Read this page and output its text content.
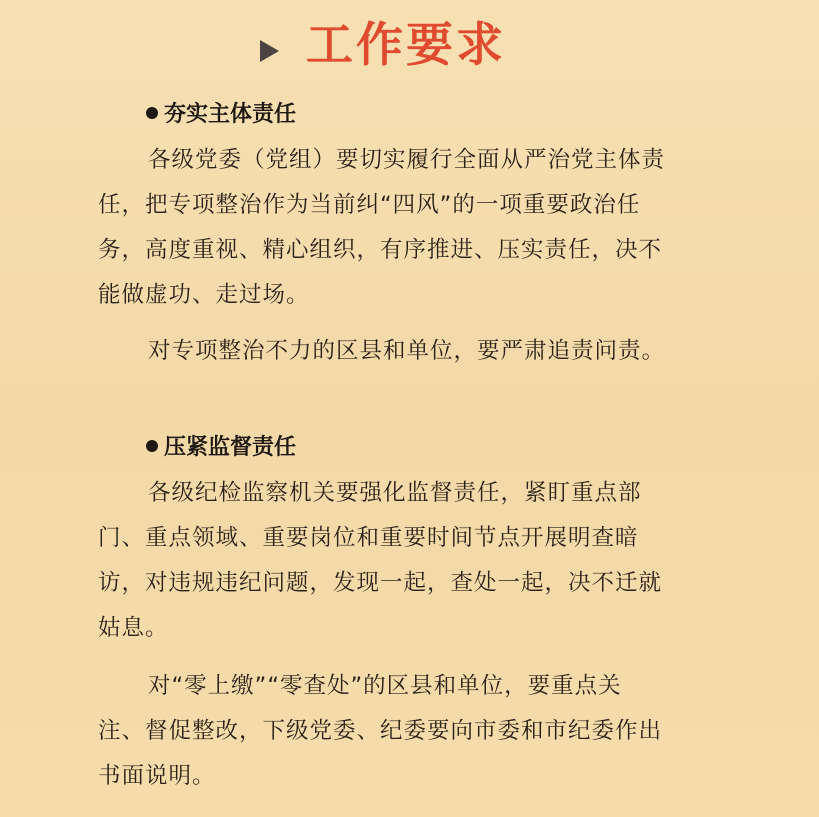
工作要求
夯实主体责任
各级党委（党组）要切实履行全面从严治党主体责
任，把专项整治作为当前纠“四风”的一项重要政治任
务，高度重视、精心组织，有序推进、压实责任，决不
能做虚功、走过场。
对专项整治不力的区县和单位，要严肃追责问责。
压紧监督责任
各级纪检监察机关要强化监督责任，紧盯重点部
门、重点领域、重要岗位和重要时间节点开展明查暗
访，对违规违纪问题，发现一起，查处一起，决不迁就
姑息。
对“零上缴”“零查处”的区县和单位，要重点关
注、督促整改，下级党委、纪委要向市委和市纪委作出
书面说明。
